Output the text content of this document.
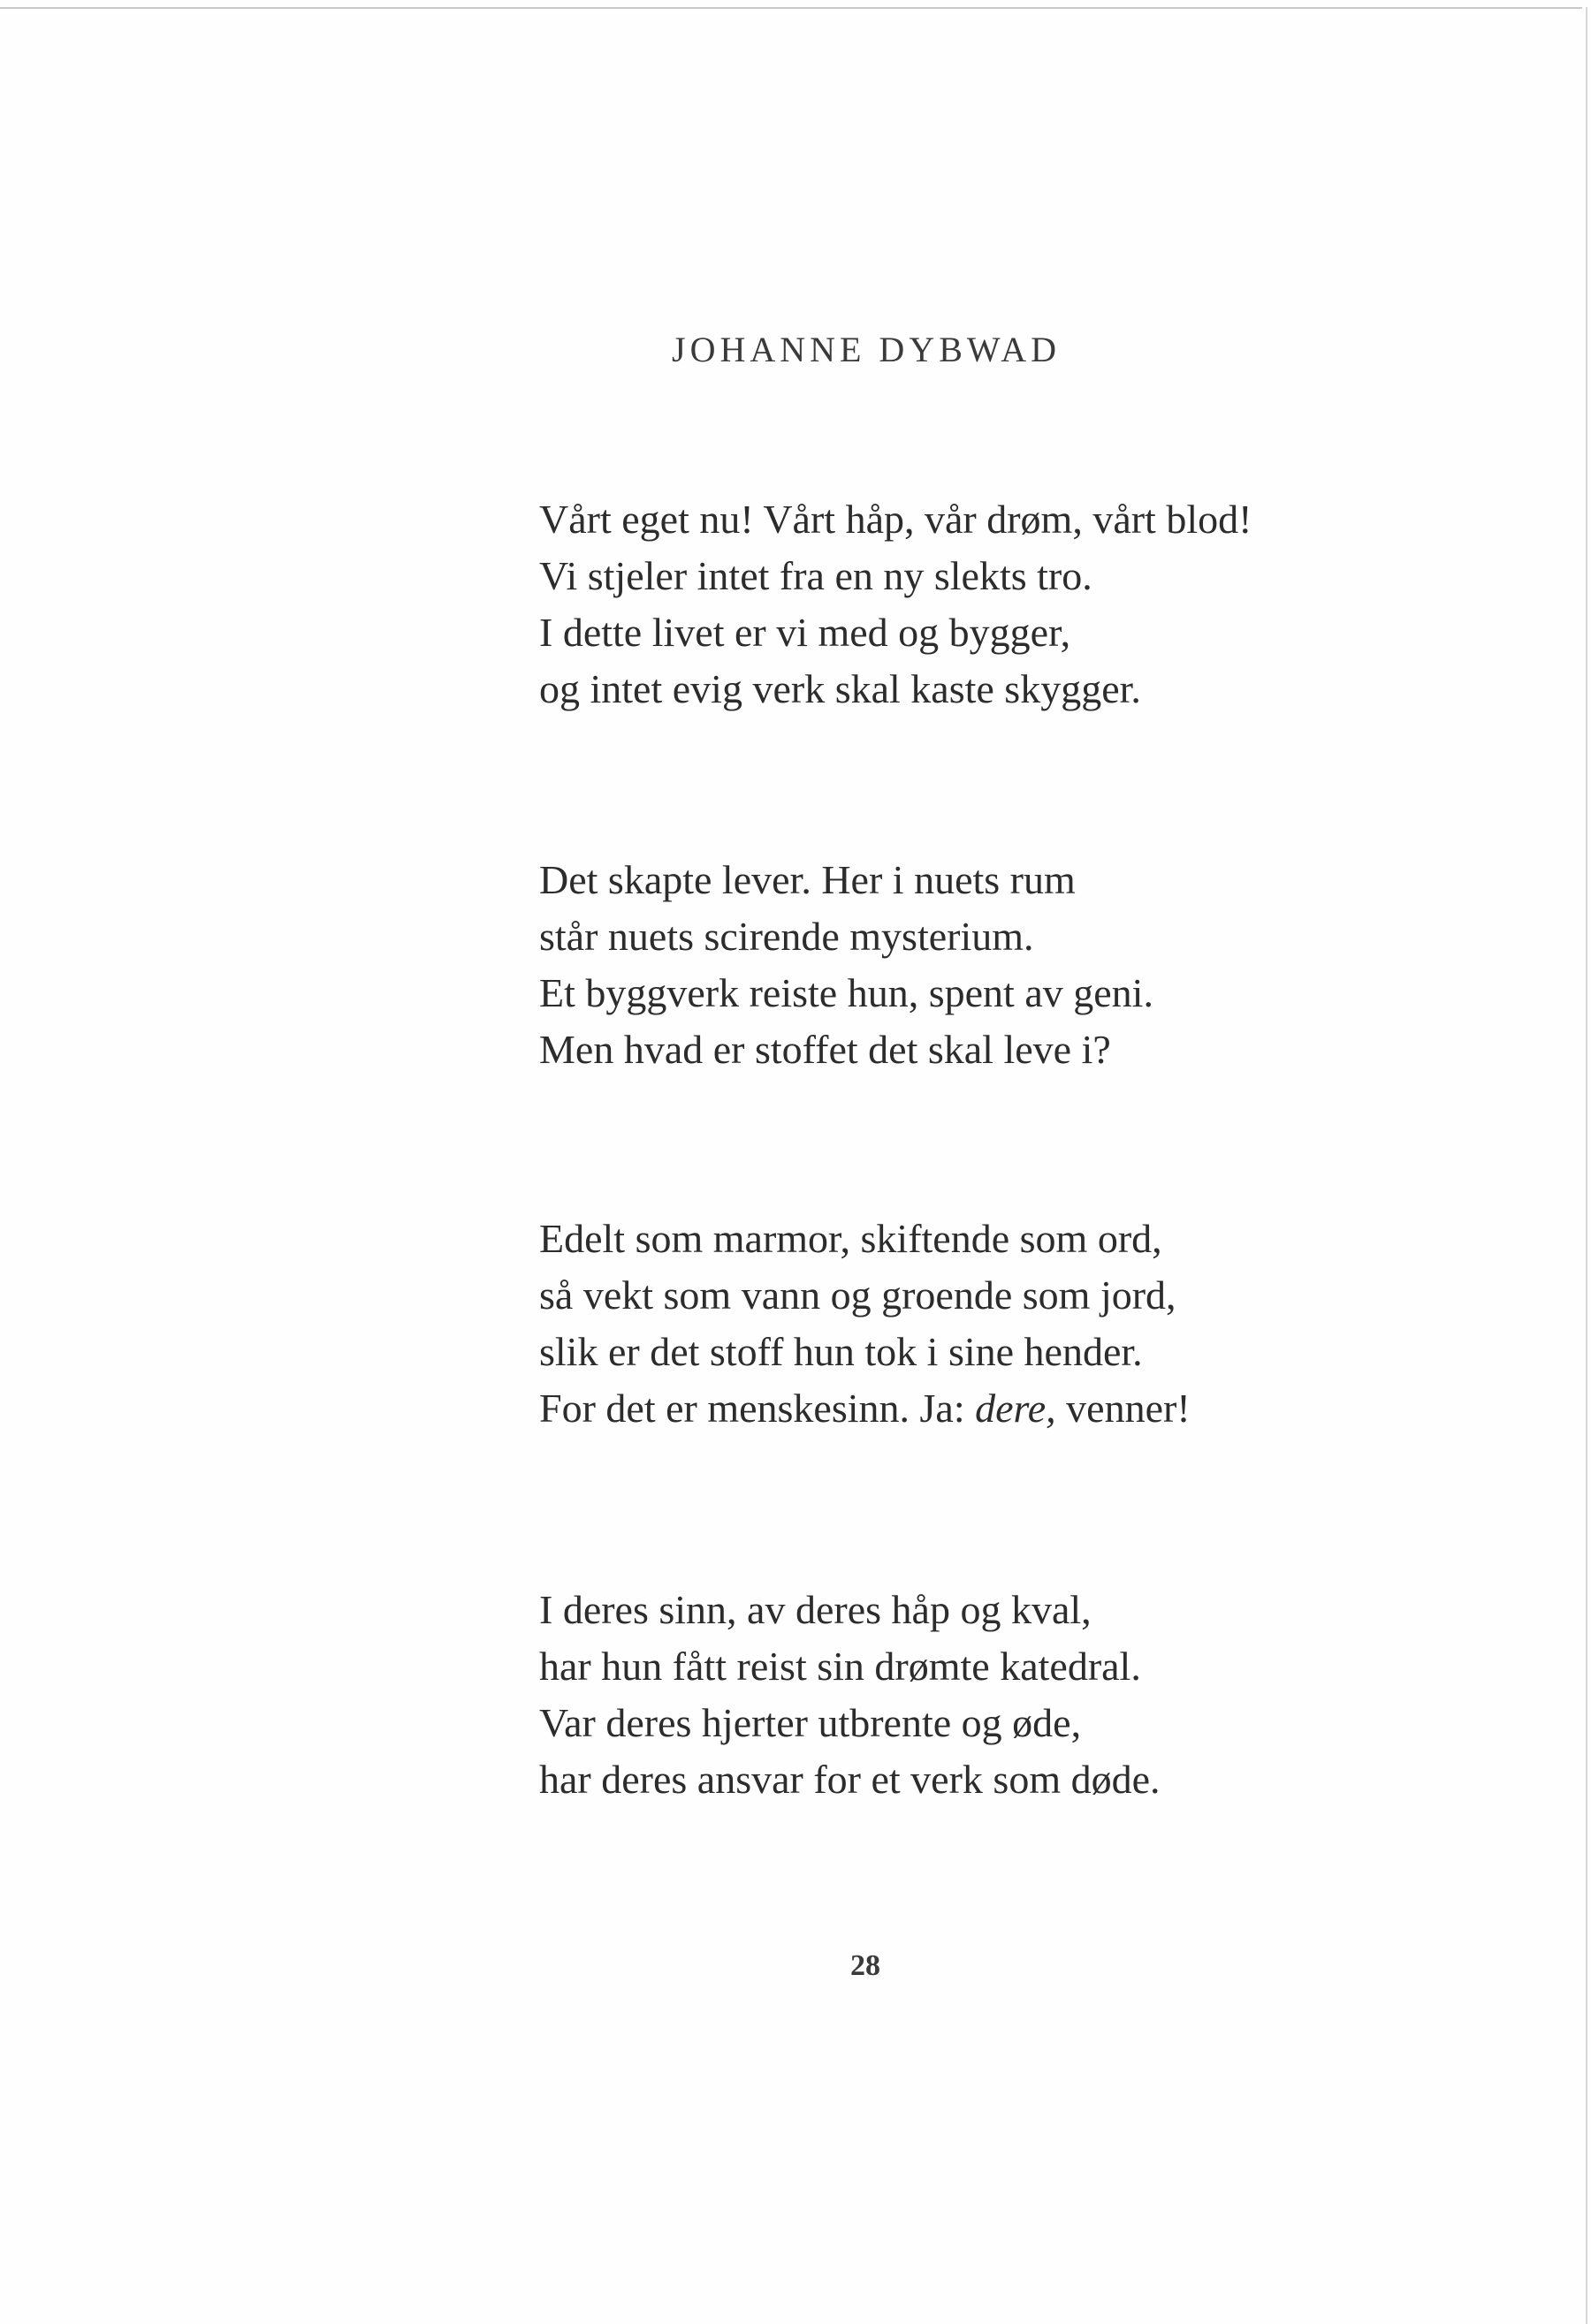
JOHANNE DYBWAD
Vårt eget nu! Vårt håp, vår drøm, vårt blod!
Vi stjeler intet fra en ny slekts tro.
I dette livet er vi med og bygger,
og intet evig verk skal kaste skygger.
Det skapte lever. Her i nuets rum
står nuets scirende mysterium.
Et byggverk reiste hun, spent av geni.
Men hvad er stoffet det skal leve i?
Edelt som marmor, skiftende som ord,
så vekt som vann og groende som jord,
slik er det stoff hun tok i sine hender.
For det er menskesinn. Ja: dere, venner!
I deres sinn, av deres håp og kval,
har hun fått reist sin drømte katedral.
Var deres hjerter utbrente og øde,
har deres ansvar for et verk som døde.
28
